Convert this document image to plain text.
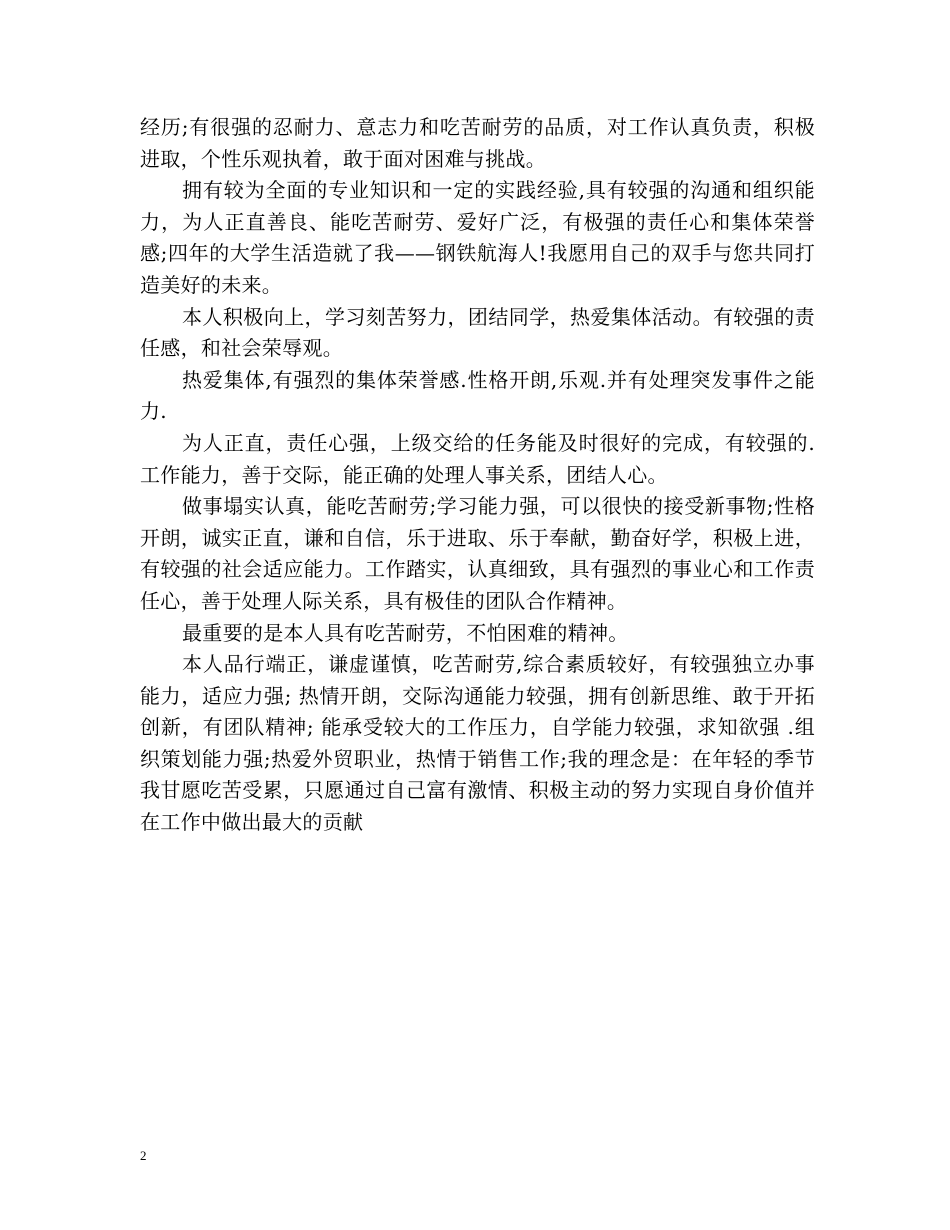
经历;有很强的忍耐力、意志力和吃苦耐劳的品质，对工作认真负责，积极进取，个性乐观执着，敢于面对困难与挑战。

拥有较为全面的专业知识和一定的实践经验,具有较强的沟通和组织能力，为人正直善良、能吃苦耐劳、爱好广泛，有极强的责任心和集体荣誉感;四年的大学生活造就了我——钢铁航海人!我愿用自己的双手与您共同打造美好的未来。

本人积极向上，学习刻苦努力，团结同学，热爱集体活动。有较强的责任感，和社会荣辱观。

热爱集体,有强烈的集体荣誉感.性格开朗,乐观.并有处理突发事件之能力.

为人正直，责任心强，上级交给的任务能及时很好的完成，有较强的.工作能力，善于交际，能正确的处理人事关系，团结人心。

做事塌实认真，能吃苦耐劳;学习能力强，可以很快的接受新事物;性格开朗，诚实正直，谦和自信，乐于进取、乐于奉献，勤奋好学，积极上进，有较强的社会适应能力。工作踏实，认真细致，具有强烈的事业心和工作责任心，善于处理人际关系，具有极佳的团队合作精神。

最重要的是本人具有吃苦耐劳，不怕困难的精神。

本人品行端正，谦虚谨慎，吃苦耐劳,综合素质较好，有较强独立办事能力，适应力强; 热情开朗，交际沟通能力较强，拥有创新思维、敢于开拓创新，有团队精神; 能承受较大的工作压力，自学能力较强，求知欲强 .组织策划能力强;热爱外贸职业，热情于销售工作;我的理念是：在年轻的季节我甘愿吃苦受累，只愿通过自己富有激情、积极主动的努力实现自身价值并在工作中做出最大的贡献

2
